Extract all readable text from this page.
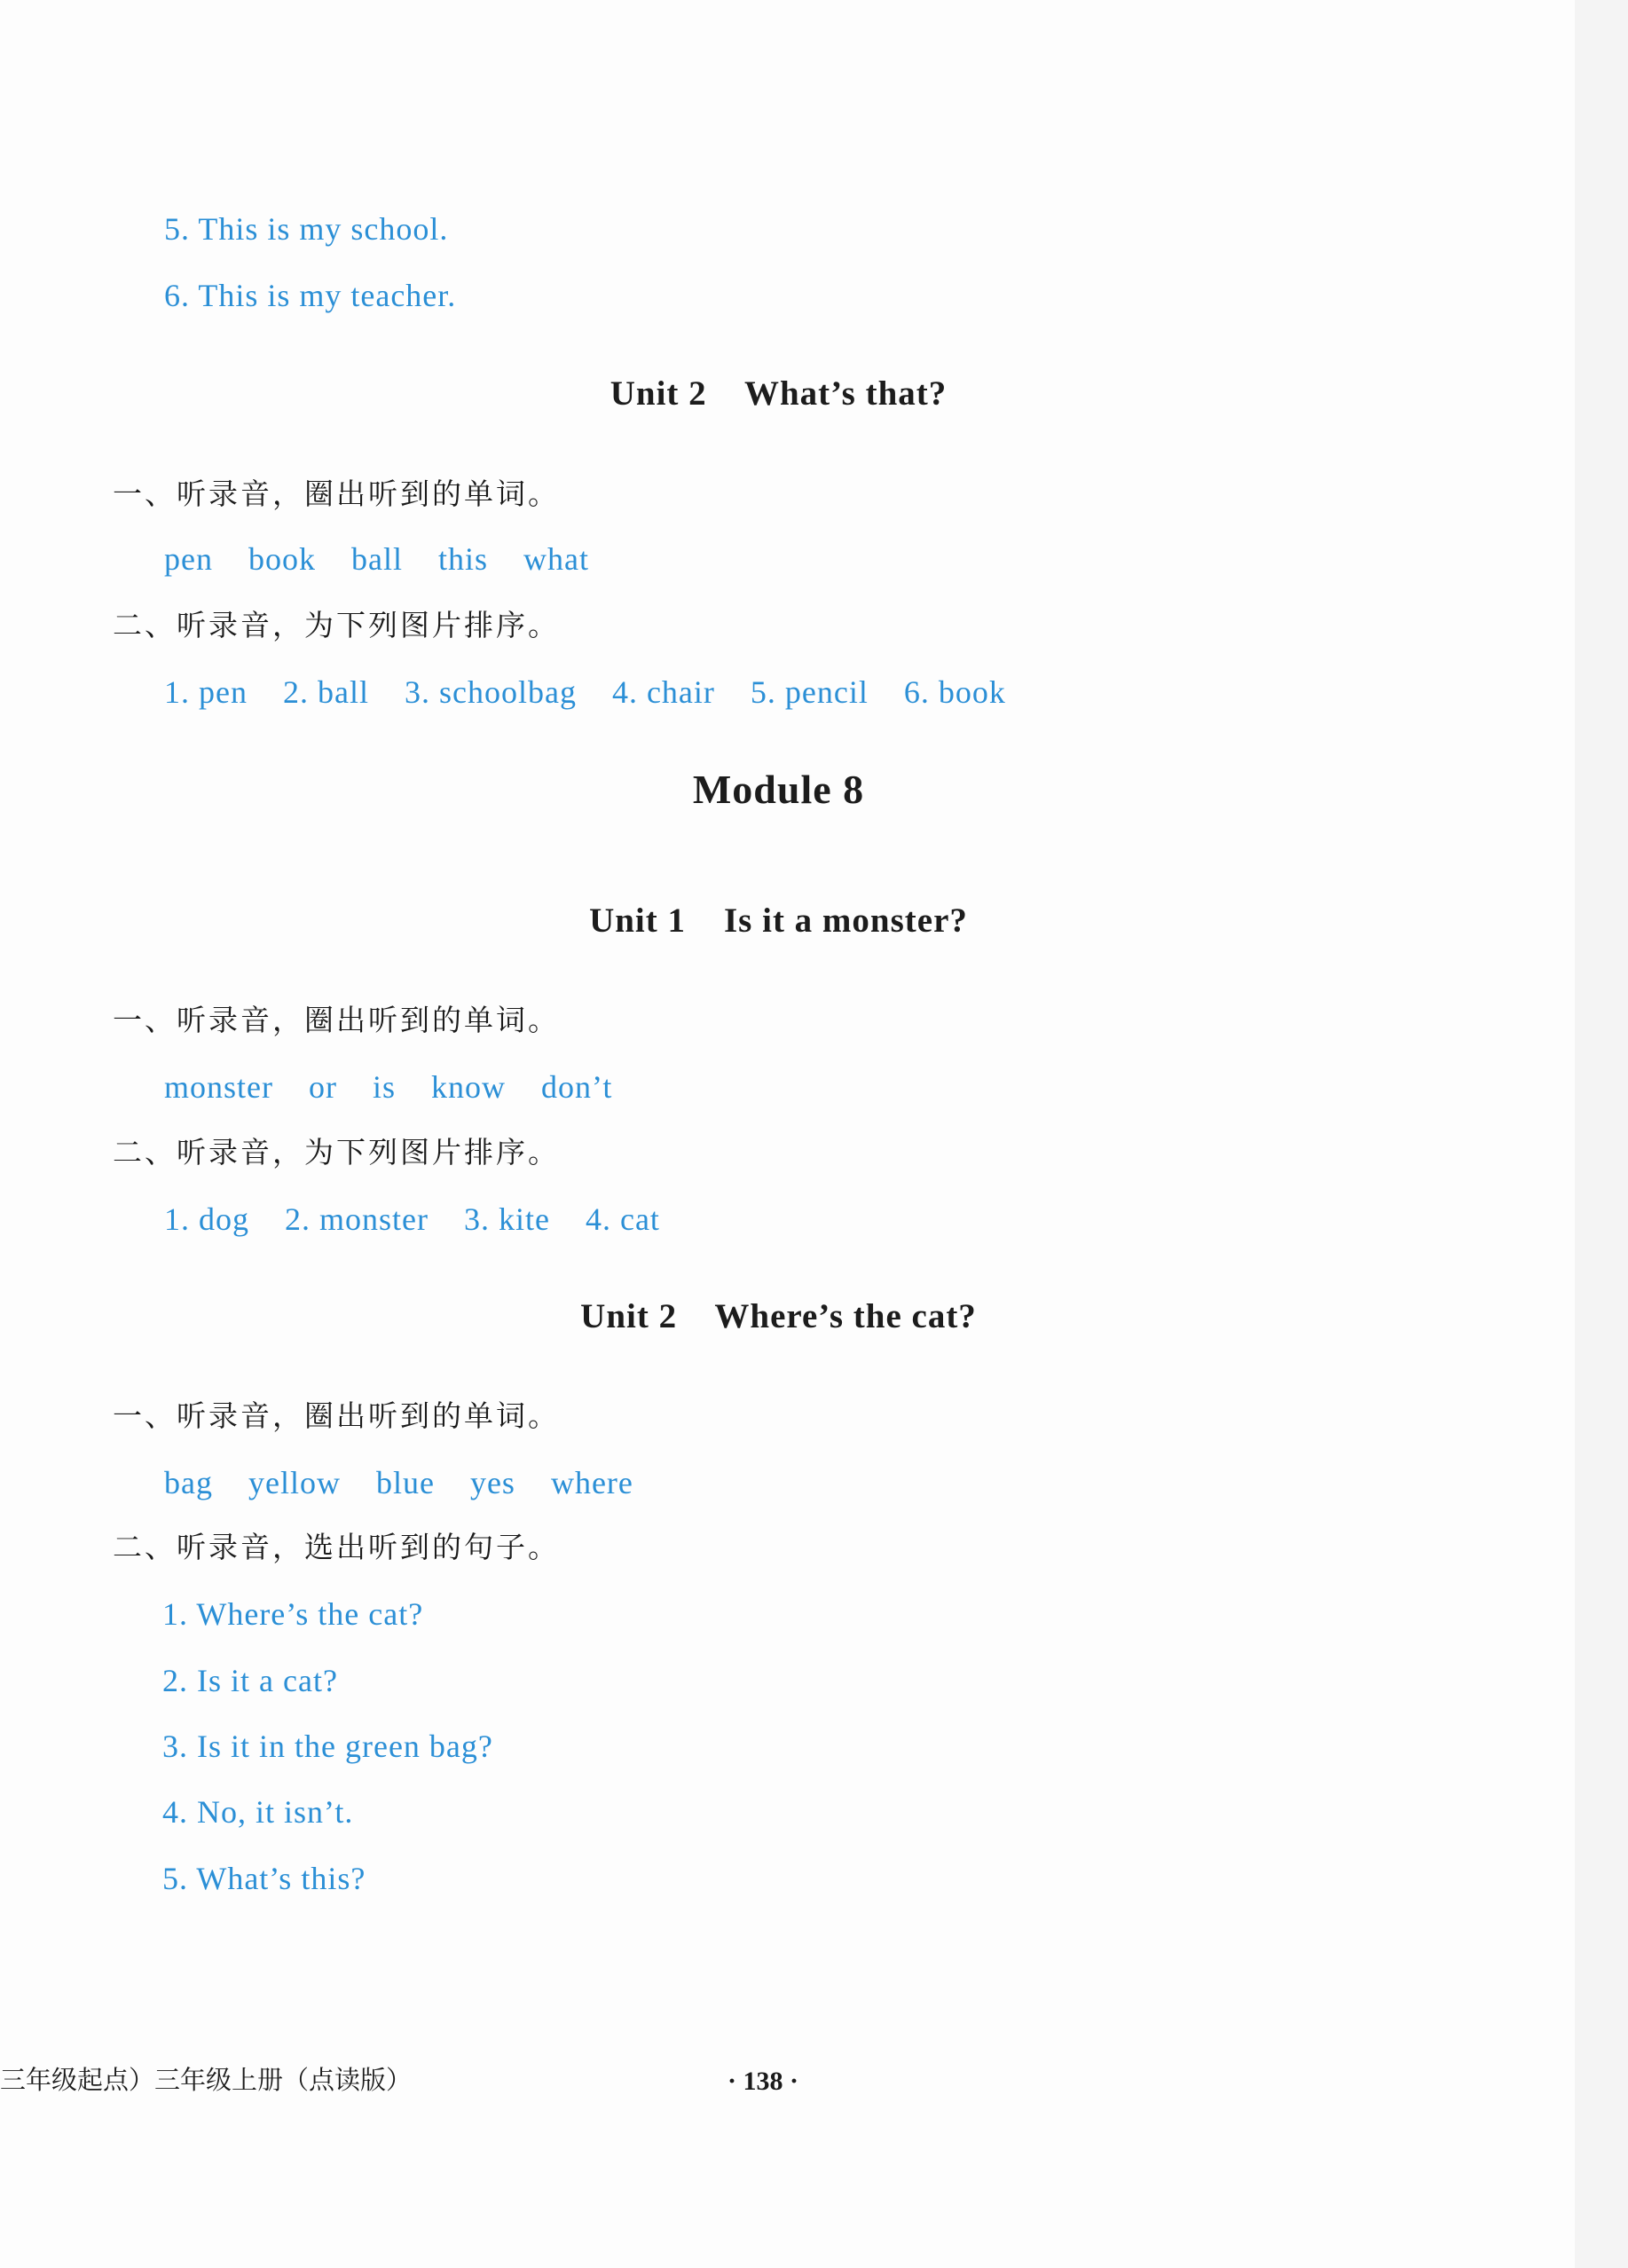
5. This is my school.
6. This is my teacher.
Unit 2    What’s that?
一、听录音，圈出听到的单词。
pen book ball this what
二、听录音，为下列图片排序。
1. pen 2. ball 3. schoolbag 4. chair 5. pencil 6. book
Module 8
Unit 1    Is it a monster?
一、听录音，圈出听到的单词。
monster or is know don’t
二、听录音，为下列图片排序。
1. dog 2. monster 3. kite 4. cat
Unit 2    Where’s the cat?
一、听录音，圈出听到的单词。
bag yellow blue yes where
二、听录音，选出听到的句子。
1. Where’s the cat?
2. Is it a cat?
3. Is it in the green bag?
4. No, it isn’t.
5. What’s this?
三年级起点）三年级上册（点读版）	· 138 ·
